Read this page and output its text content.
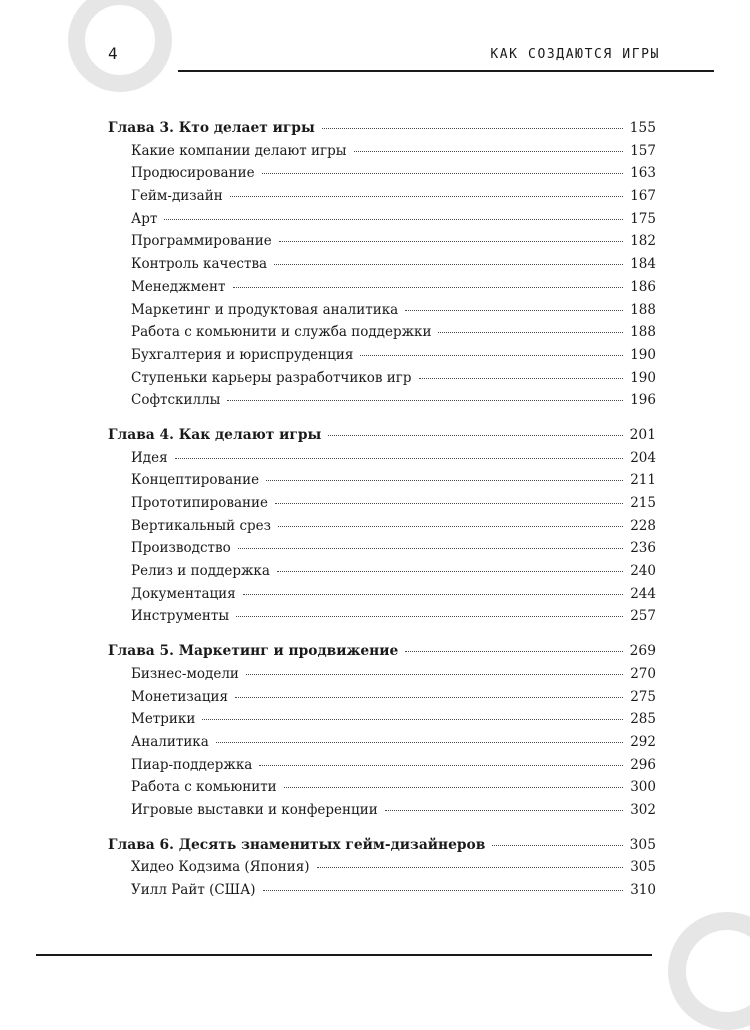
4	КАК СОЗДАЮТСЯ ИГРЫ
Глава 3. Кто делает игры	155
Какие компании делают игры	157
Продюсирование	163
Гейм-дизайн	167
Арт	175
Программирование	182
Контроль качества	184
Менеджмент	186
Маркетинг и продуктовая аналитика	188
Работа с комьюнити и служба поддержки	188
Бухгалтерия и юриспруденция	190
Ступеньки карьеры разработчиков игр	190
Софтскиллы	196
Глава 4. Как делают игры	201
Идея	204
Концептирование	211
Прототипирование	215
Вертикальный срез	228
Производство	236
Релиз и поддержка	240
Документация	244
Инструменты	257
Глава 5. Маркетинг и продвижение	269
Бизнес-модели	270
Монетизация	275
Метрики	285
Аналитика	292
Пиар-поддержка	296
Работа с комьюнити	300
Игровые выставки и конференции	302
Глава 6. Десять знаменитых гейм-дизайнеров	305
Хидео Кодзима (Япония)	305
Уилл Райт (США)	310
